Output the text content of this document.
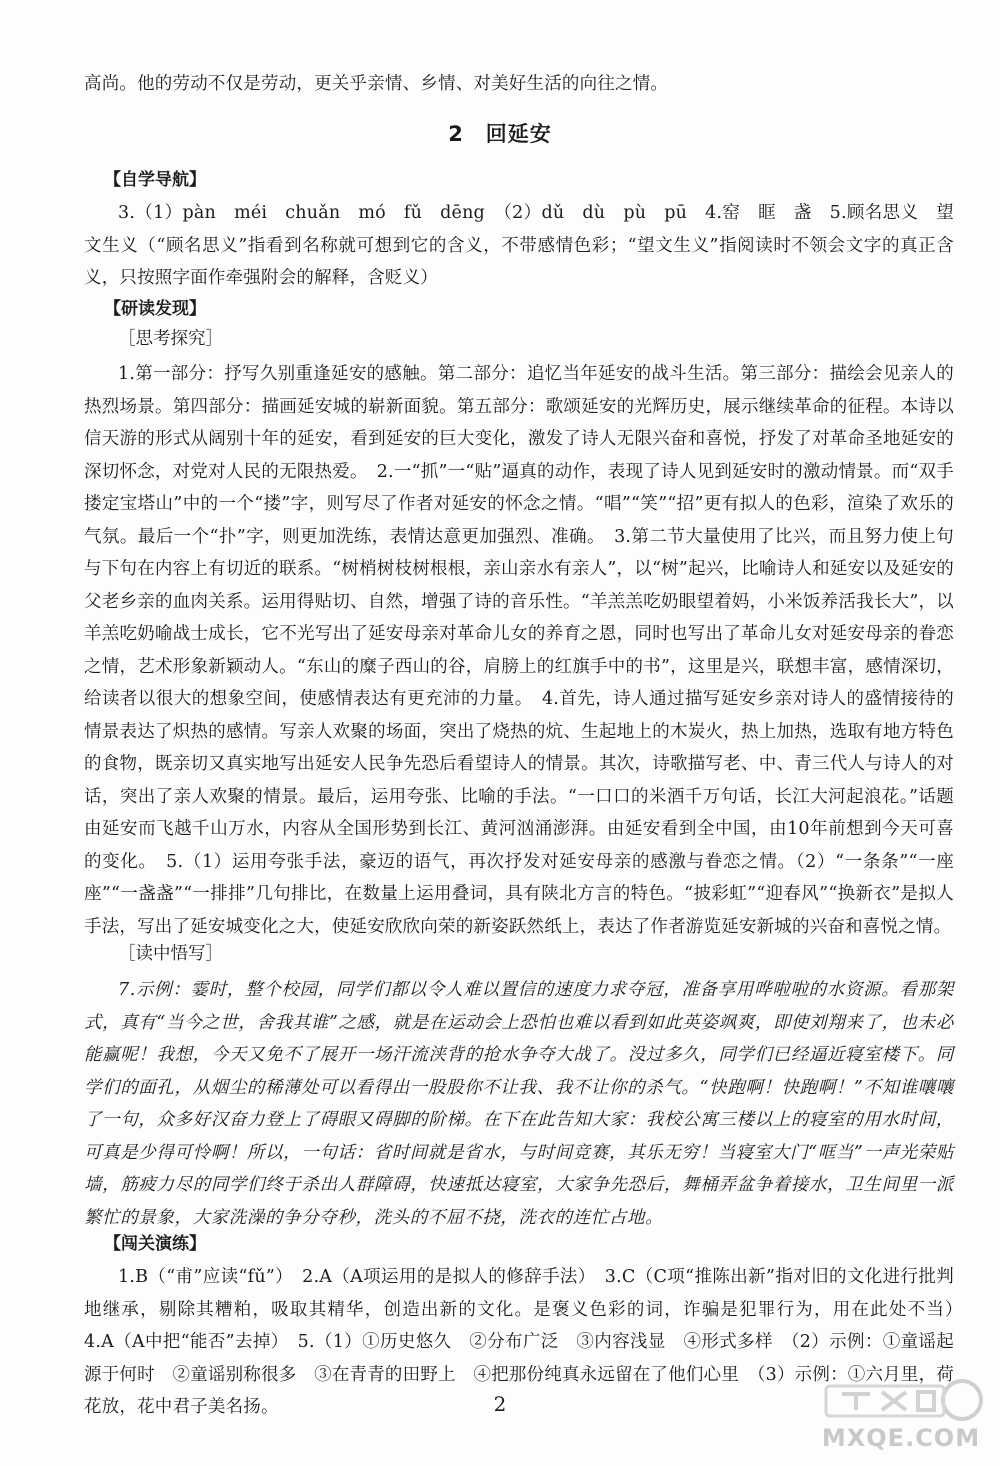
高尚。他的劳动不仅是劳动，更关乎亲情、乡情、对美好生活的向往之情。

2　回延安
【自学导航】

3.（1）pàn　méi　chuǎn　mó　fǔ　dēng　（2）dǔ　dù　pù　pū　4.窑　眶　盏　5.顾名思义　望文生义（“顾名思义”指看到名称就可想到它的含义，不带感情色彩；“望文生义”指阅读时不领会文字的真正含义，只按照字面作牵强附会的解释，含贬义）

【研读发现】
［思考探究］

1.第一部分：抒写久别重逢延安的感触。第二部分：追忆当年延安的战斗生活。第三部分：描绘会见亲人的热烈场景。第四部分：描画延安城的崭新面貌。第五部分：歌颂延安的光辉历史，展示继续革命的征程。本诗以信天游的形式从阔别十年的延安，看到延安的巨大变化，激发了诗人无限兴奋和喜悦，抒发了对革命圣地延安的深切怀念，对党对人民的无限热爱。　2.一“抓”一“贴”逼真的动作，表现了诗人见到延安时的激动情景。而“双手搂定宝塔山”中的一个“搂”字，则写尽了作者对延安的怀念之情。“唱”“笑”“招”更有拟人的色彩，渲染了欢乐的气氛。最后一个“扑”字，则更加洗练，表情达意更加强烈、准确。　3.第二节大量使用了比兴，而且努力使上句与下句在内容上有切近的联系。“树梢树枝树根根，亲山亲水有亲人”，以“树”起兴，比喻诗人和延安以及延安的父老乡亲的血肉关系。运用得贴切、自然，增强了诗的音乐性。“羊羔羔吃奶眼望着妈，小米饭养活我长大”，以羊羔吃奶喻战士成长，它不光写出了延安母亲对革命儿女的养育之恩，同时也写出了革命儿女对延安母亲的眷恋之情，艺术形象新颖动人。“东山的糜子西山的谷，肩膀上的红旗手中的书”，这里是兴，联想丰富，感情深切，给读者以很大的想象空间，使感情表达有更充沛的力量。　4.首先，诗人通过描写延安乡亲对诗人的盛情接待的情景表达了炽热的感情。写亲人欢聚的场面，突出了烧热的炕、生起地上的木炭火，热上加热，选取有地方特色的食物，既亲切又真实地写出延安人民争先恐后看望诗人的情景。其次，诗歌描写老、中、青三代人与诗人的对话，突出了亲人欢聚的情景。最后，运用夸张、比喻的手法。“一口口的米酒千万句话，长江大河起浪花。”话题由延安而飞越千山万水，内容从全国形势到长江、黄河汹涌澎湃。由延安看到全中国，由10年前想到今天可喜的变化。　5.（1）运用夸张手法，豪迈的语气，再次抒发对延安母亲的感激与眷恋之情。（2）“一条条”“一座座”“一盏盏”“一排排”几句排比，在数量上运用叠词，具有陕北方言的特色。“披彩虹”“迎春风”“换新衣”是拟人手法，写出了延安城变化之大，使延安欣欣向荣的新姿跃然纸上，表达了作者游览延安新城的兴奋和喜悦之情。

［读中悟写］

7.示例：霎时，整个校园，同学们都以令人难以置信的速度力求夺冠，准备享用哗啦啦的水资源。看那架式，真有“当今之世，舍我其谁”之感，就是在运动会上恐怕也难以看到如此英姿飒爽，即使刘翔来了，也未必能赢呢！我想，今天又免不了展开一场汗流浃背的抢水争夺大战了。没过多久，同学们已经逼近寝室楼下。同学们的面孔，从烟尘的稀薄处可以看得出一股股你不让我、我不让你的杀气。“快跑啊！快跑啊！”不知谁嚷嚷了一句，众多好汉奋力登上了碍眼又碍脚的阶梯。在下在此告知大家：我校公寓三楼以上的寝室的用水时间，可真是少得可怜啊！所以，一句话：省时间就是省水，与时间竞赛，其乐无穷！当寝室大门“哐当”一声光荣贴墙，筋疲力尽的同学们终于杀出人群障碍，快速抵达寝室，大家争先恐后，舞桶弄盆争着接水，卫生间里一派繁忙的景象，大家洗澡的争分夺秒，洗头的不屈不挠，洗衣的连忙占地。

【闯关演练】

1.B（“甫”应读“fǔ”）　2.A（A项运用的是拟人的修辞手法）　3.C（C项“推陈出新”指对旧的文化进行批判地继承，剔除其糟粕，吸取其精华，创造出新的文化。是褒义色彩的词，诈骗是犯罪行为，用在此处不当）　4.A（A中把“能否”去掉）　5.（1）①历史悠久　②分布广泛　③内容浅显　④形式多样　（2）示例：①童谣起源于何时　②童谣别称很多　③在青青的田野上　④把那份纯真永远留在了他们心里　（3）示例：①六月里，荷花放，花中君子美名扬。	2
MXQE.COM
